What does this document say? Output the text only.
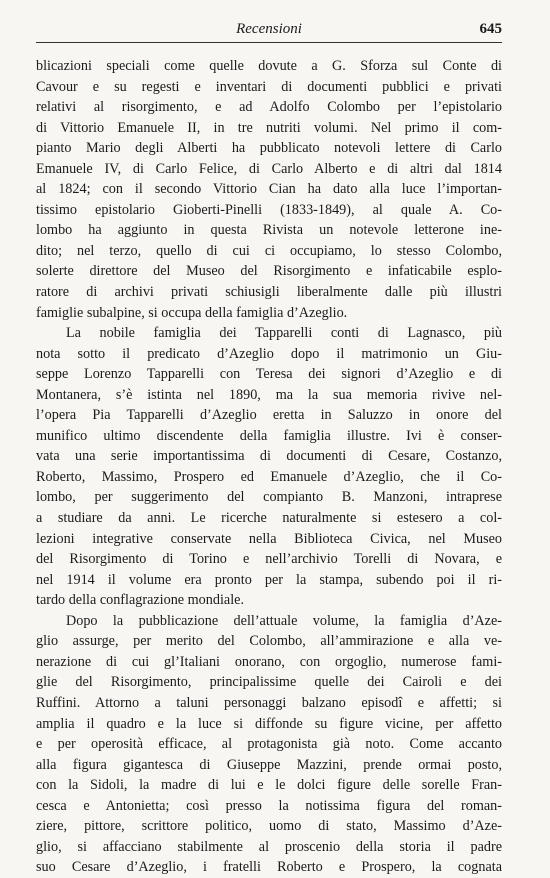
Recensioni	645
blicazioni speciali come quelle dovute a G. Sforza sul Conte di
Cavour e su regesti e inventari di documenti pubblici e privati
relativi al risorgimento, e ad Adolfo Colombo per l’epistolario
di Vittorio Emanuele II, in tre nutriti volumi. Nel primo il com-
pianto Mario degli Alberti ha pubblicato notevoli lettere di Carlo
Emanuele IV, di Carlo Felice, di Carlo Alberto e di altri dal 1814
al 1824; con il secondo Vittorio Cian ha dato alla luce l’importan-
tissimo epistolario Gioberti-Pinelli (1833-1849), al quale A. Co-
lombo ha aggiunto in questa Rivista un notevole letterone ine-
dito; nel terzo, quello di cui ci occupiamo, lo stesso Colombo,
solerte direttore del Museo del Risorgimento e infaticabile esplo-
ratore di archivi privati schiusigli liberalmente dalle più illustri
famiglie subalpine, si occupa della famiglia d’Azeglio.
La nobile famiglia dei Tapparelli conti di Lagnasco, più
nota sotto il predicato d’Azeglio dopo il matrimonio un Giu-
seppe Lorenzo Tapparelli con Teresa dei signori d’Azeglio e di
Montanera, s’è istinta nel 1890, ma la sua memoria rivive nel-
l’opera Pia Tapparelli d’Azeglio eretta in Saluzzo in onore del
munifico ultimo discendente della famiglia illustre. Ivi è conser-
vata una serie importantissima di documenti di Cesare, Costanzo,
Roberto, Massimo, Prospero ed Emanuele d’Azeglio, che il Co-
lombo, per suggerimento del compianto B. Manzoni, intraprese
a studiare da anni. Le ricerche naturalmente si estesero a col-
lezioni integrative conservate nella Biblioteca Civica, nel Museo
del Risorgimento di Torino e nell’archivio Torelli di Novara, e
nel 1914 il volume era pronto per la stampa, subendo poi il ri-
tardo della conflagrazione mondiale.
Dopo la pubblicazione dell’attuale volume, la famiglia d’Aze-
glio assurge, per merito del Colombo, all’ammirazione e alla ve-
nerazione di cui gl’Italiani onorano, con orgoglio, numerose fami-
glie del Risorgimento, principalissime quelle dei Cairoli e dei
Ruffini. Attorno a taluni personaggi balzano episodî e affetti; si
amplia il quadro e la luce si diffonde su figure vicine, per affetto
e per operosità efficace, al protagonista già noto. Come accanto
alla figura gigantesca di Giuseppe Mazzini, prende ormai posto,
con la Sidoli, la madre di lui e le dolci figure delle sorelle Fran-
cesca e Antonietta; così presso la notissima figura del roman-
ziere, pittore, scrittore politico, uomo di stato, Massimo d’Aze-
glio, si affacciano stabilmente al proscenio della storia il padre
suo Cesare d’Azeglio, i fratelli Roberto e Prospero, la cognata
